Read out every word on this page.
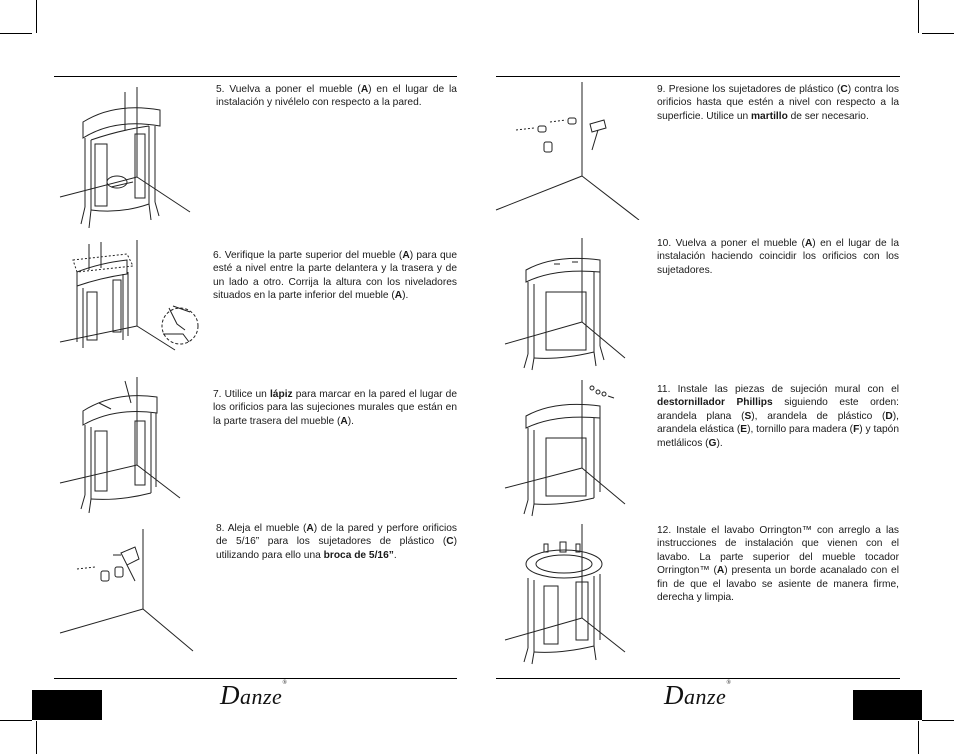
5. Vuelva a poner el mueble (A) en el lugar de la instalación y nivélelo con respecto a la pared.
6. Verifique la parte superior del mueble (A) para que esté a nivel entre la parte delantera y la trasera y de un lado a otro. Corrija la altura con los niveladores situados en la parte inferior del mueble (A).
7. Utilice un lápiz para marcar en la pared el lugar de los orificios para las sujeciones murales que están en la parte trasera del mueble (A).
8. Aleja el mueble (A) de la pared y perfore orificios de 5/16” para los sujetadores de plástico (C) utilizando para ello una broca de 5/16”.
9. Presione los sujetadores de plástico (C) contra los orificios hasta que estén a nivel con respecto a la superficie. Utilice un martillo de ser necesario.
10. Vuelva a poner el mueble (A) en el lugar de la instalación haciendo coincidir los orificios con los sujetadores.
11. Instale las piezas de sujeción mural con el destornillador Phillips siguiendo este orden: arandela plana (S), arandela de plástico (D), arandela elástica (E), tornillo para madera (F) y tapón metlálicos (G).
12. Instale el lavabo Orrington™ con arreglo a las instrucciones de instalación que vienen con el lavabo. La parte superior del mueble tocador Orrington™ (A) presenta un borde acanalado con el fin de que el lavabo se asiente de manera firme, derecha y limpia.
Danze®	Danze®
